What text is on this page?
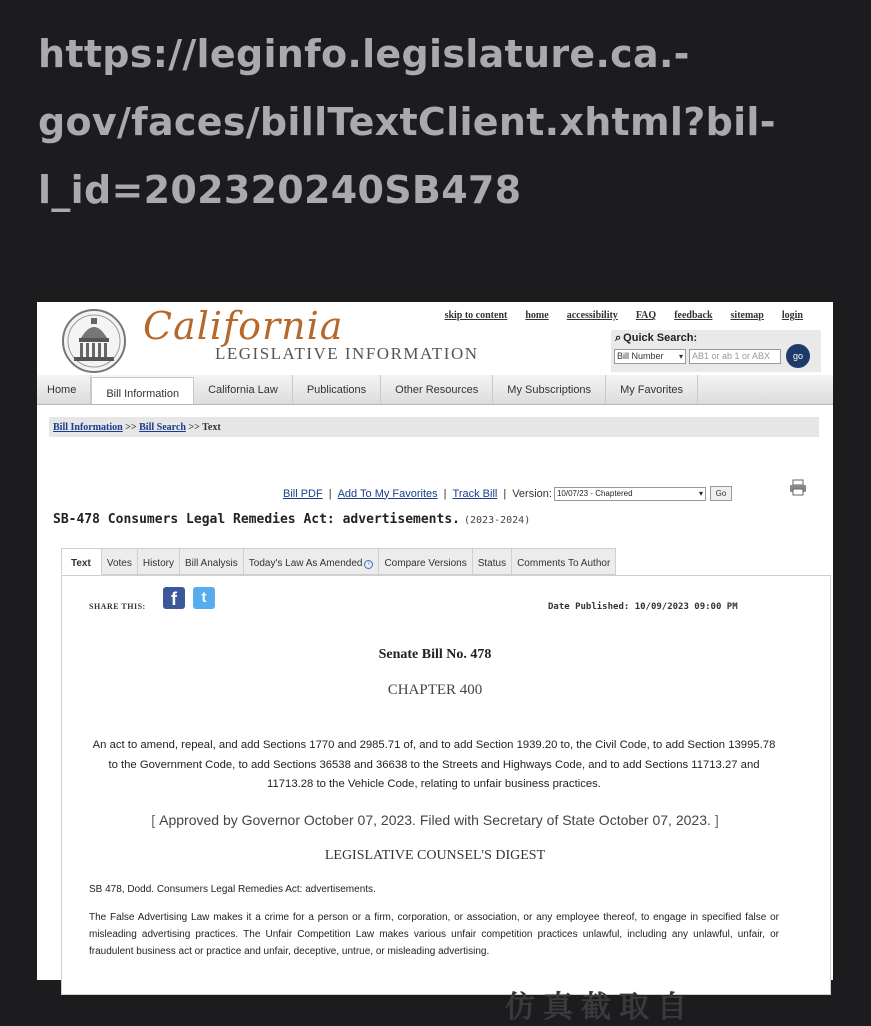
https://leginfo.legislature.ca.-
gov/faces/billTextClient.xhtml?bil-
l_id=202320240SB478
California
LEGISLATIVE INFORMATION
skip to content home accessibility FAQ feedback sitemap login
⌕ Quick Search:
Bill Number ▾	AB1 or ab 1 or ABX	go
Home	Bill Information	California Law	Publications	Other Resources	My Subscriptions	My Favorites
Bill Information >> Bill Search >> Text
Bill PDF | Add To My Favorites | Track Bill | Version: 10/07/23 - Chaptered	▾	Go
SB-478 Consumers Legal Remedies Act: advertisements. (2023-2024)
Text	Votes	History	Bill Analysis	Today's Law As Amended i	Compare Versions	Status	Comments To Author
SHARE THIS:	f	t
Date Published: 10/09/2023 09:00 PM
Senate Bill No. 478
CHAPTER 400
An act to amend, repeal, and add Sections 1770 and 2985.71 of, and to add Section 1939.20 to, the Civil Code, to add Section 13995.78 to the Government Code, to add Sections 36538 and 36638 to the Streets and Highways Code, and to add Sections 11713.27 and 11713.28 to the Vehicle Code, relating to unfair business practices.
[ Approved by Governor October 07, 2023. Filed with Secretary of State October 07, 2023. ]
LEGISLATIVE COUNSEL'S DIGEST
SB 478, Dodd. Consumers Legal Remedies Act: advertisements.
The False Advertising Law makes it a crime for a person or a firm, corporation, or association, or any employee thereof, to engage in specified false or misleading advertising practices. The Unfair Competition Law makes various unfair competition practices unlawful, including any unlawful, unfair, or fraudulent business act or practice and unfair, deceptive, untrue, or misleading advertising.
仿真截取自
